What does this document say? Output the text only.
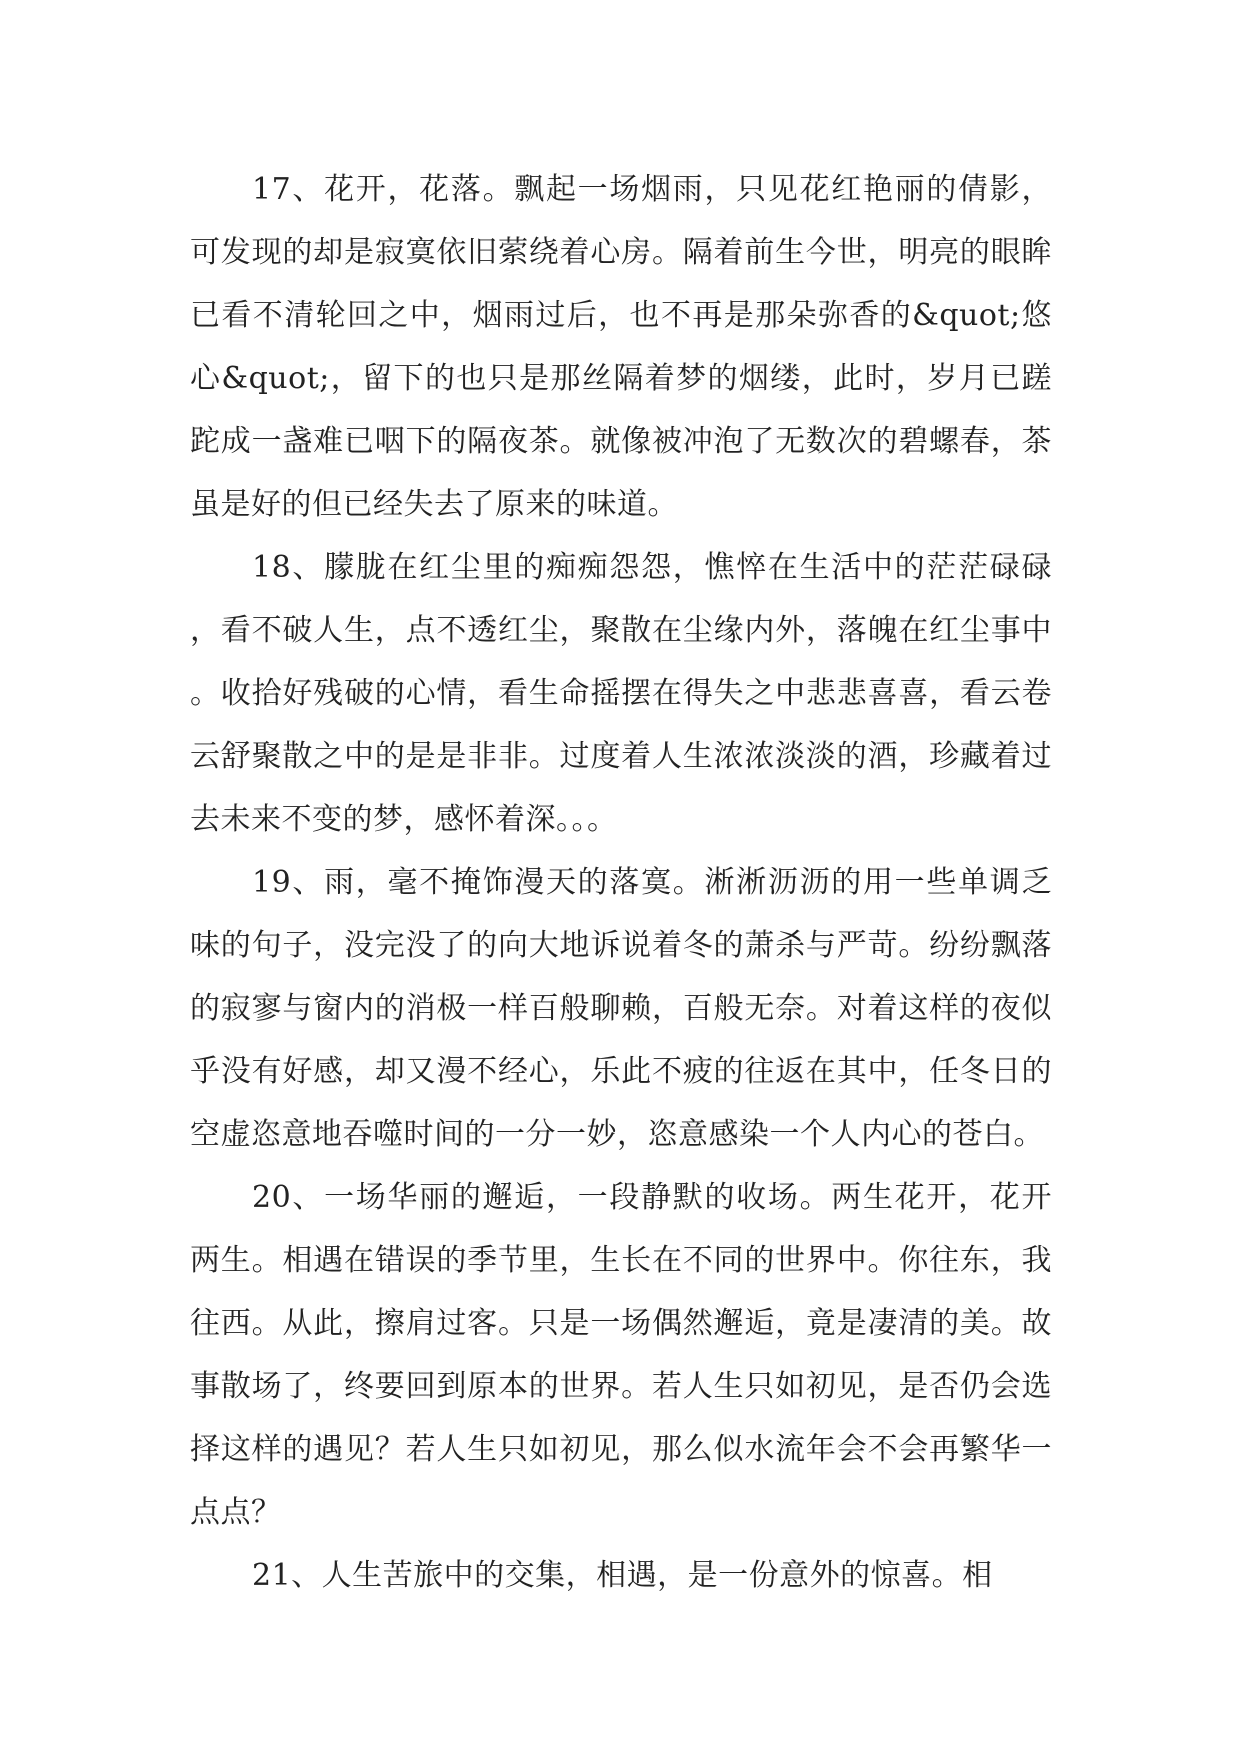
17、花开，花落。飘起一场烟雨，只见花红艳丽的倩影，可发现的却是寂寞依旧萦绕着心房。隔着前生今世，明亮的眼眸已看不清轮回之中，烟雨过后，也不再是那朵弥香的&quot;悠心&quot;，留下的也只是那丝隔着梦的烟缕，此时，岁月已蹉跎成一盏难已咽下的隔夜茶。就像被冲泡了无数次的碧螺春，茶虽是好的但已经失去了原来的味道。

18、朦胧在红尘里的痴痴怨怨，憔悴在生活中的茫茫碌碌，看不破人生，点不透红尘，聚散在尘缘内外，落魄在红尘事中。收拾好残破的心情，看生命摇摆在得失之中悲悲喜喜，看云卷云舒聚散之中的是是非非。过度着人生浓浓淡淡的酒，珍藏着过去未来不变的梦，感怀着深。。。

19、雨，毫不掩饰漫天的落寞。淅淅沥沥的用一些单调乏味的句子，没完没了的向大地诉说着冬的萧杀与严苛。纷纷飘落的寂寥与窗内的消极一样百般聊赖，百般无奈。对着这样的夜似乎没有好感，却又漫不经心，乐此不疲的往返在其中，任冬日的空虚恣意地吞噬时间的一分一妙，恣意感染一个人内心的苍白。

20、一场华丽的邂逅，一段静默的收场。两生花开，花开两生。相遇在错误的季节里，生长在不同的世界中。你往东，我往西。从此，擦肩过客。只是一场偶然邂逅，竟是凄清的美。故事散场了，终要回到原本的世界。若人生只如初见，是否仍会选择这样的遇见？若人生只如初见，那么似水流年会不会再繁华一点点？

21、人生苦旅中的交集，相遇，是一份意外的惊喜。相
